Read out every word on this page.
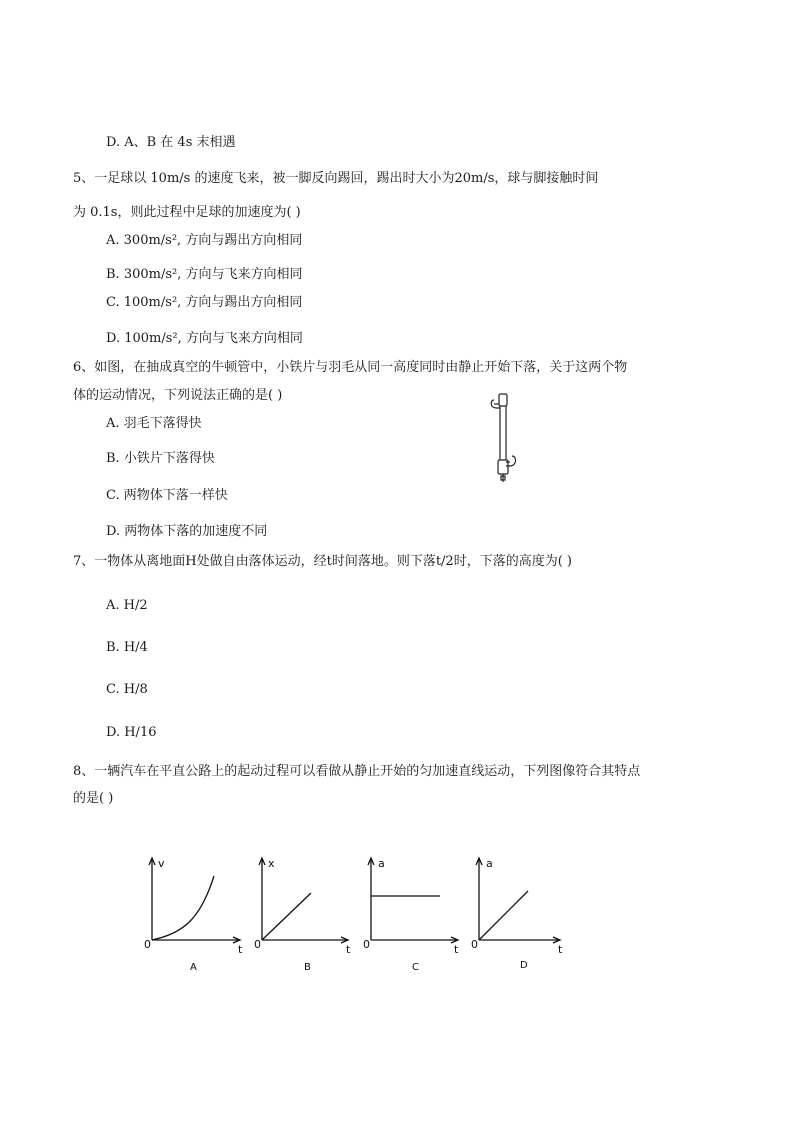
D. A、B 在 4s 末相遇
5、一足球以 10m/s 的速度飞来，被一脚反向踢回，踢出时大小为20m/s，球与脚接触时间
为 0.1s，则此过程中足球的加速度为( )
A. 300m/s², 方向与踢出方向相同
B. 300m/s², 方向与飞来方向相同
C. 100m/s², 方向与踢出方向相同
D. 100m/s², 方向与飞来方向相同
6、如图，在抽成真空的牛顿管中，小铁片与羽毛从同一高度同时由静止开始下落，关于这两个物
体的运动情况，下列说法正确的是( )
A. 羽毛下落得快
B. 小铁片下落得快
C. 两物体下落一样快
D. 两物体下落的加速度不同
7、一物体从离地面H处做自由落体运动，经t时间落地。则下落t/2时，下落的高度为( )
A. H/2
B. H/4
C. H/8
D. H/16
8、一辆汽车在平直公路上的起动过程可以看做从静止开始的匀加速直线运动，下列图像符合其特点
的是( )
v
t
0
A
x
t
0
B
a
t
0
C
a
t
0
D
